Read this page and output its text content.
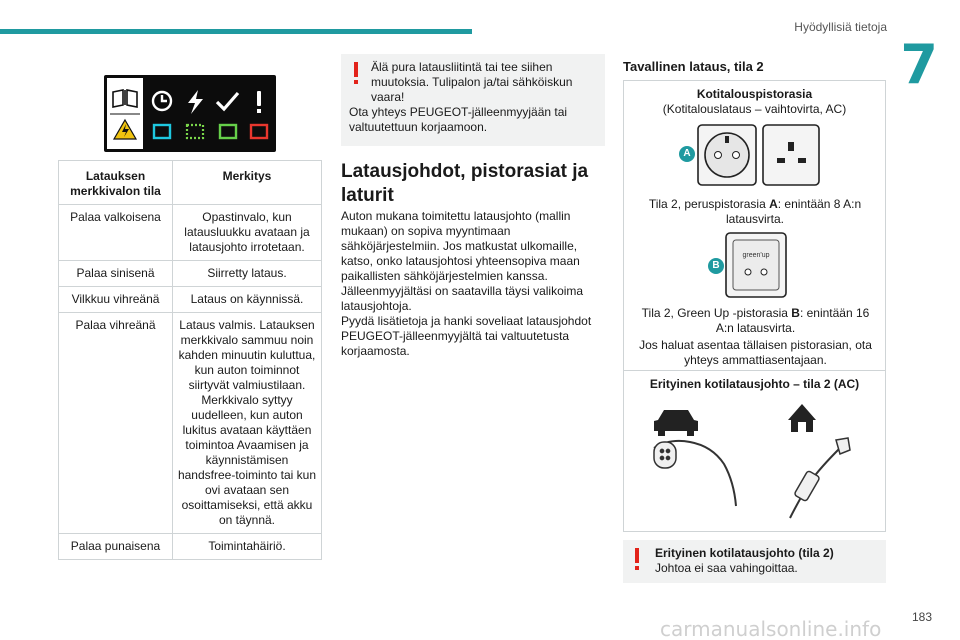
Hyödyllisiä tietoja
7
Latauksen merkkivalon tila	Merkitys
Palaa valkoisena	Opastinvalo, kun latausluukku avataan ja latausjohto irrotetaan.
Palaa sinisenä	Siirretty lataus.
Vilkkuu vihreänä	Lataus on käynnissä.
Palaa vihreänä	Lataus valmis. Latauksen merkkivalo sammuu noin kahden minuutin kuluttua, kun auton toiminnot siirtyvät valmiustilaan. Merkkivalo syttyy uudelleen, kun auton lukitus avataan käyttäen toimintoa Avaamisen ja käynnistämisen handsfree-toiminto tai kun ovi avataan sen osoittamiseksi, että akku on täynnä.
Palaa punaisena	Toimintahäiriö.

Älä pura latausliitintä tai tee siihen muutoksia. Tulipalon ja/tai sähköiskun vaara!

Ota yhteys PEUGEOT-jälleenmyyjään tai valtuutettuun korjaamoon.

Latausjohdot, pistorasiat ja laturit

Auton mukana toimitettu latausjohto (mallin mukaan) on sopiva myyntimaan sähköjärjestelmiin. Jos matkustat ulkomaille, katso, onko latausjohtosi yhteensopiva maan paikallisten sähköjärjestelmien kanssa.

Jälleenmyyjältäsi on saatavilla täysi valikoima latausjohtoja.

Pyydä lisätietoja ja hanki soveliaat latausjohdot PEUGEOT-jälleenmyyjältä tai valtuutetusta korjaamosta.

Tavallinen lataus, tila 2
Kotitalouspistorasia
(Kotitalouslataus – vaihtovirta, AC)
A
Tila 2, peruspistorasia A: enintään 8 A:n latausvirta.
B
green'up
Tila 2, Green Up -pistorasia B: enintään 16 A:n latausvirta.
Jos haluat asentaa tällaisen pistorasian, ota yhteys ammattiasentajaan.
Erityinen kotilatausjohto – tila 2 (AC)

Erityinen kotilatausjohto (tila 2)

Johtoa ei saa vahingoittaa.

183
carmanualsonline.info
